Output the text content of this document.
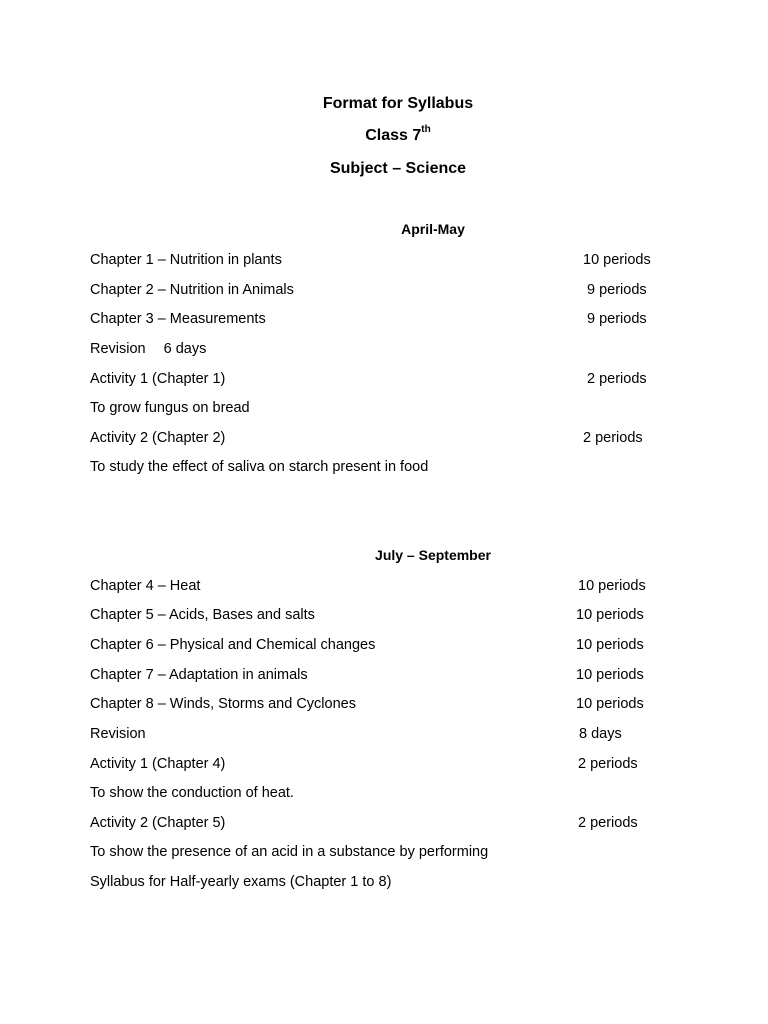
Format for Syllabus
Class 7th
Subject – Science
April-May
Chapter 1 – Nutrition in plants	10 periods
Chapter 2 – Nutrition in Animals	9 periods
Chapter 3 – Measurements	9 periods
Revision 6 days
Activity 1 (Chapter 1)	2 periods
To grow fungus on bread
Activity 2 (Chapter 2)	2 periods
To study the effect of saliva on starch present in food
July – September
Chapter 4 – Heat	10 periods
Chapter 5 – Acids, Bases and salts	10 periods
Chapter 6 – Physical and Chemical changes	10 periods
Chapter 7 – Adaptation in animals	10 periods
Chapter 8 – Winds, Storms and Cyclones	10 periods
Revision	8 days
Activity 1 (Chapter 4)	2 periods
To show the conduction of heat.
Activity 2 (Chapter 5)	2 periods
To show the presence of an acid in a substance by performing
Syllabus for Half-yearly exams (Chapter 1 to 8)
